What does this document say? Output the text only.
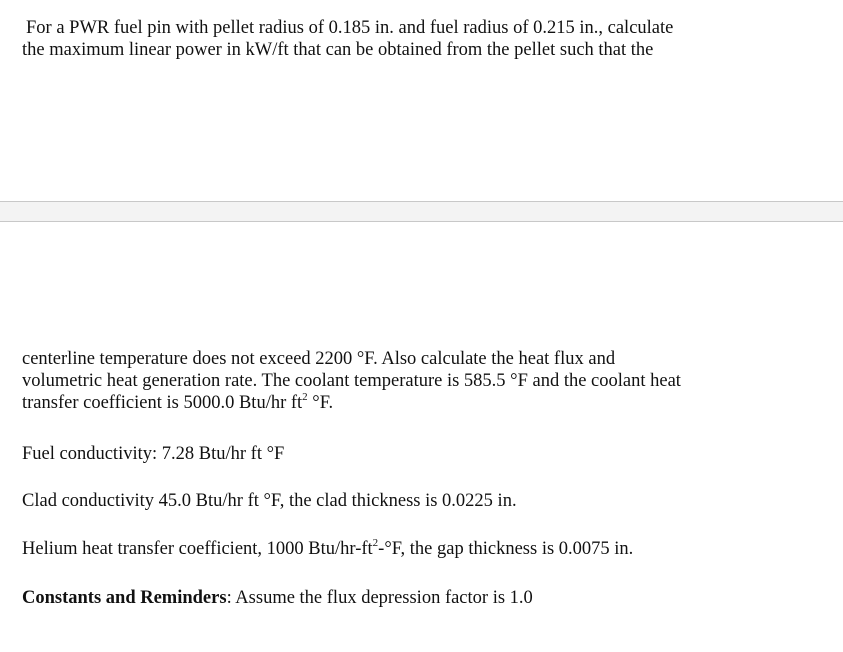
For a PWR fuel pin with pellet radius of 0.185 in. and fuel radius of 0.215 in., calculate
the maximum linear power in kW/ft that can be obtained from the pellet such that the
centerline temperature does not exceed 2200 °F. Also calculate the heat flux and
volumetric heat generation rate. The coolant temperature is 585.5 °F and the coolant heat
transfer coefficient is 5000.0 Btu/hr $ft^2$ °F.

Fuel conductivity: 7.28 Btu/hr ft °F

Clad conductivity 45.0 Btu/hr ft °F, the clad thickness is 0.0225 in.

Helium heat transfer coefficient, 1000 Btu/$hr-ft^2-^\circ F$, the gap thickness is 0.0075 in.

Constants and Reminders: Assume the flux depression factor is 1.0
